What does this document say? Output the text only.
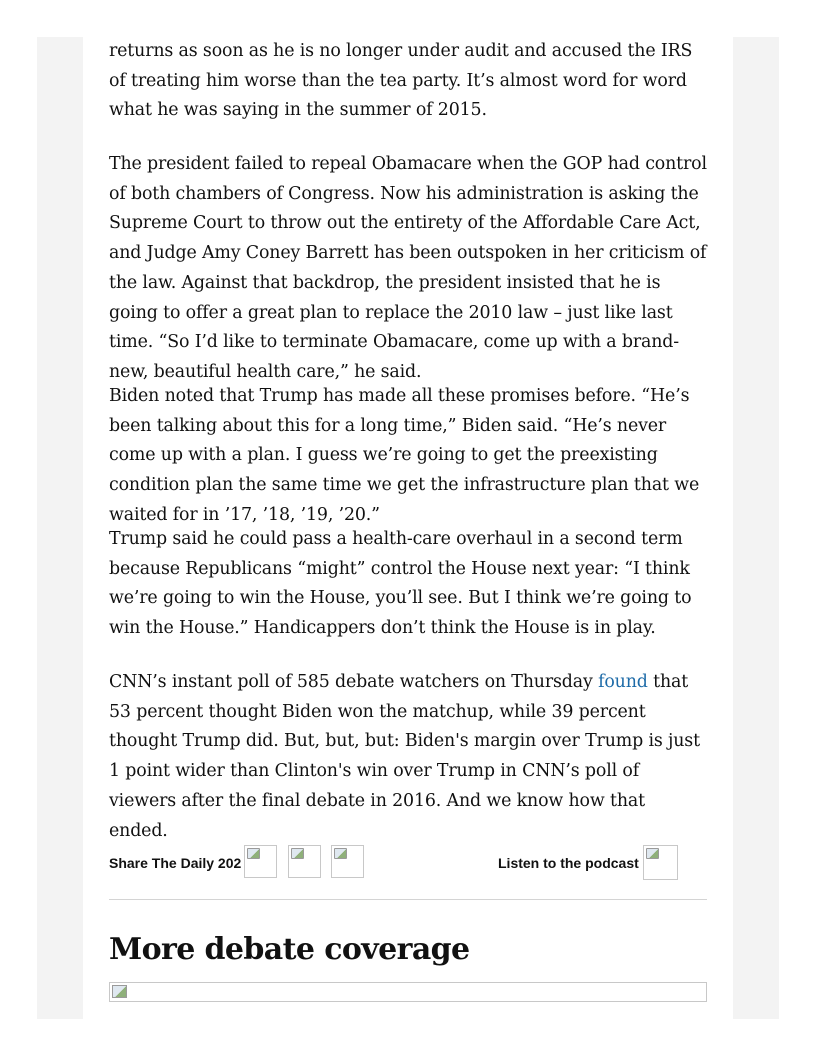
returns as soon as he is no longer under audit and accused the IRS of treating him worse than the tea party. It’s almost word for word what he was saying in the summer of 2015.

The president failed to repeal Obamacare when the GOP had control of both chambers of Congress. Now his administration is asking the Supreme Court to throw out the entirety of the Affordable Care Act, and Judge Amy Coney Barrett has been outspoken in her criticism of the law. Against that backdrop, the president insisted that he is going to offer a great plan to replace the 2010 law – just like last time. “So I’d like to terminate Obamacare, come up with a brand-new, beautiful health care,” he said.

Biden noted that Trump has made all these promises before. “He’s been talking about this for a long time,” Biden said. “He’s never come up with a plan. I guess we’re going to get the preexisting condition plan the same time we get the infrastructure plan that we waited for in ’17, ’18, ’19, ’20.”

Trump said he could pass a health-care overhaul in a second term because Republicans “might” control the House next year: “I think we’re going to win the House, you’ll see. But I think we’re going to win the House.” Handicappers don’t think the House is in play.

CNN’s instant poll of 585 debate watchers on Thursday found that 53 percent thought Biden won the matchup, while 39 percent thought Trump did. But, but, but: Biden's margin over Trump is just 1 point wider than Clinton's win over Trump in CNN’s poll of viewers after the final debate in 2016. And we know how that ended.

Share The Daily 202	Listen to the podcast
More debate coverage
